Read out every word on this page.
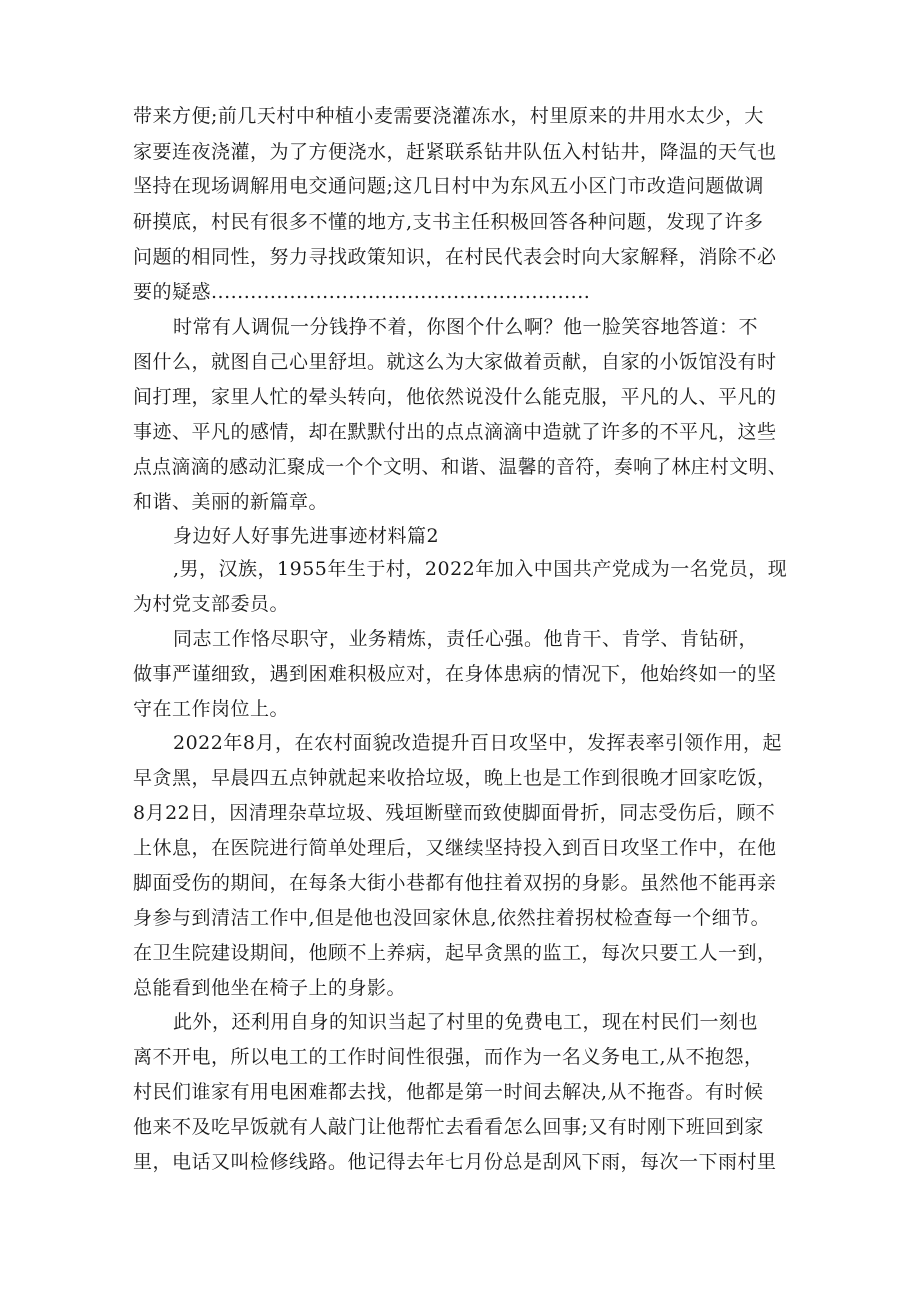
带来方便;前几天村中种植小麦需要浇灌冻水，村里原来的井用水太少，大
家要连夜浇灌，为了方便浇水，赶紧联系钻井队伍入村钻井，降温的天气也
坚持在现场调解用电交通问题;这几日村中为东风五小区门市改造问题做调
研摸底，村民有很多不懂的地方,支书主任积极回答各种问题，发现了许多
问题的相同性，努力寻找政策知识，在村民代表会时向大家解释，消除不必
要的疑惑..........................................................
时常有人调侃一分钱挣不着，你图个什么啊？他一脸笑容地答道：不
图什么，就图自己心里舒坦。就这么为大家做着贡献，自家的小饭馆没有时
间打理，家里人忙的晕头转向，他依然说没什么能克服，平凡的人、平凡的
事迹、平凡的感情，却在默默付出的点点滴滴中造就了许多的不平凡，这些
点点滴滴的感动汇聚成一个个文明、和谐、温馨的音符，奏响了林庄村文明、
和谐、美丽的新篇章。
身边好人好事先进事迹材料篇2
,男，汉族，1955年生于村，2022年加入中国共产党成为一名党员，现
为村党支部委员。
同志工作恪尽职守，业务精炼，责任心强。他肯干、肯学、肯钻研，
做事严谨细致，遇到困难积极应对，在身体患病的情况下，他始终如一的坚
守在工作岗位上。
2022年8月，在农村面貌改造提升百日攻坚中，发挥表率引领作用，起
早贪黑，早晨四五点钟就起来收拾垃圾，晚上也是工作到很晚才回家吃饭，
8月22日，因清理杂草垃圾、残垣断壁而致使脚面骨折，同志受伤后，顾不
上休息，在医院进行简单处理后，又继续坚持投入到百日攻坚工作中，在他
脚面受伤的期间，在每条大街小巷都有他拄着双拐的身影。虽然他不能再亲
身参与到清洁工作中,但是他也没回家休息,依然拄着拐杖检查每一个细节。
在卫生院建设期间，他顾不上养病，起早贪黑的监工，每次只要工人一到，
总能看到他坐在椅子上的身影。
此外，还利用自身的知识当起了村里的免费电工，现在村民们一刻也
离不开电，所以电工的工作时间性很强，而作为一名义务电工,从不抱怨，
村民们谁家有用电困难都去找，他都是第一时间去解决,从不拖沓。有时候
他来不及吃早饭就有人敲门让他帮忙去看看怎么回事;又有时刚下班回到家
里，电话又叫检修线路。他记得去年七月份总是刮风下雨，每次一下雨村里
